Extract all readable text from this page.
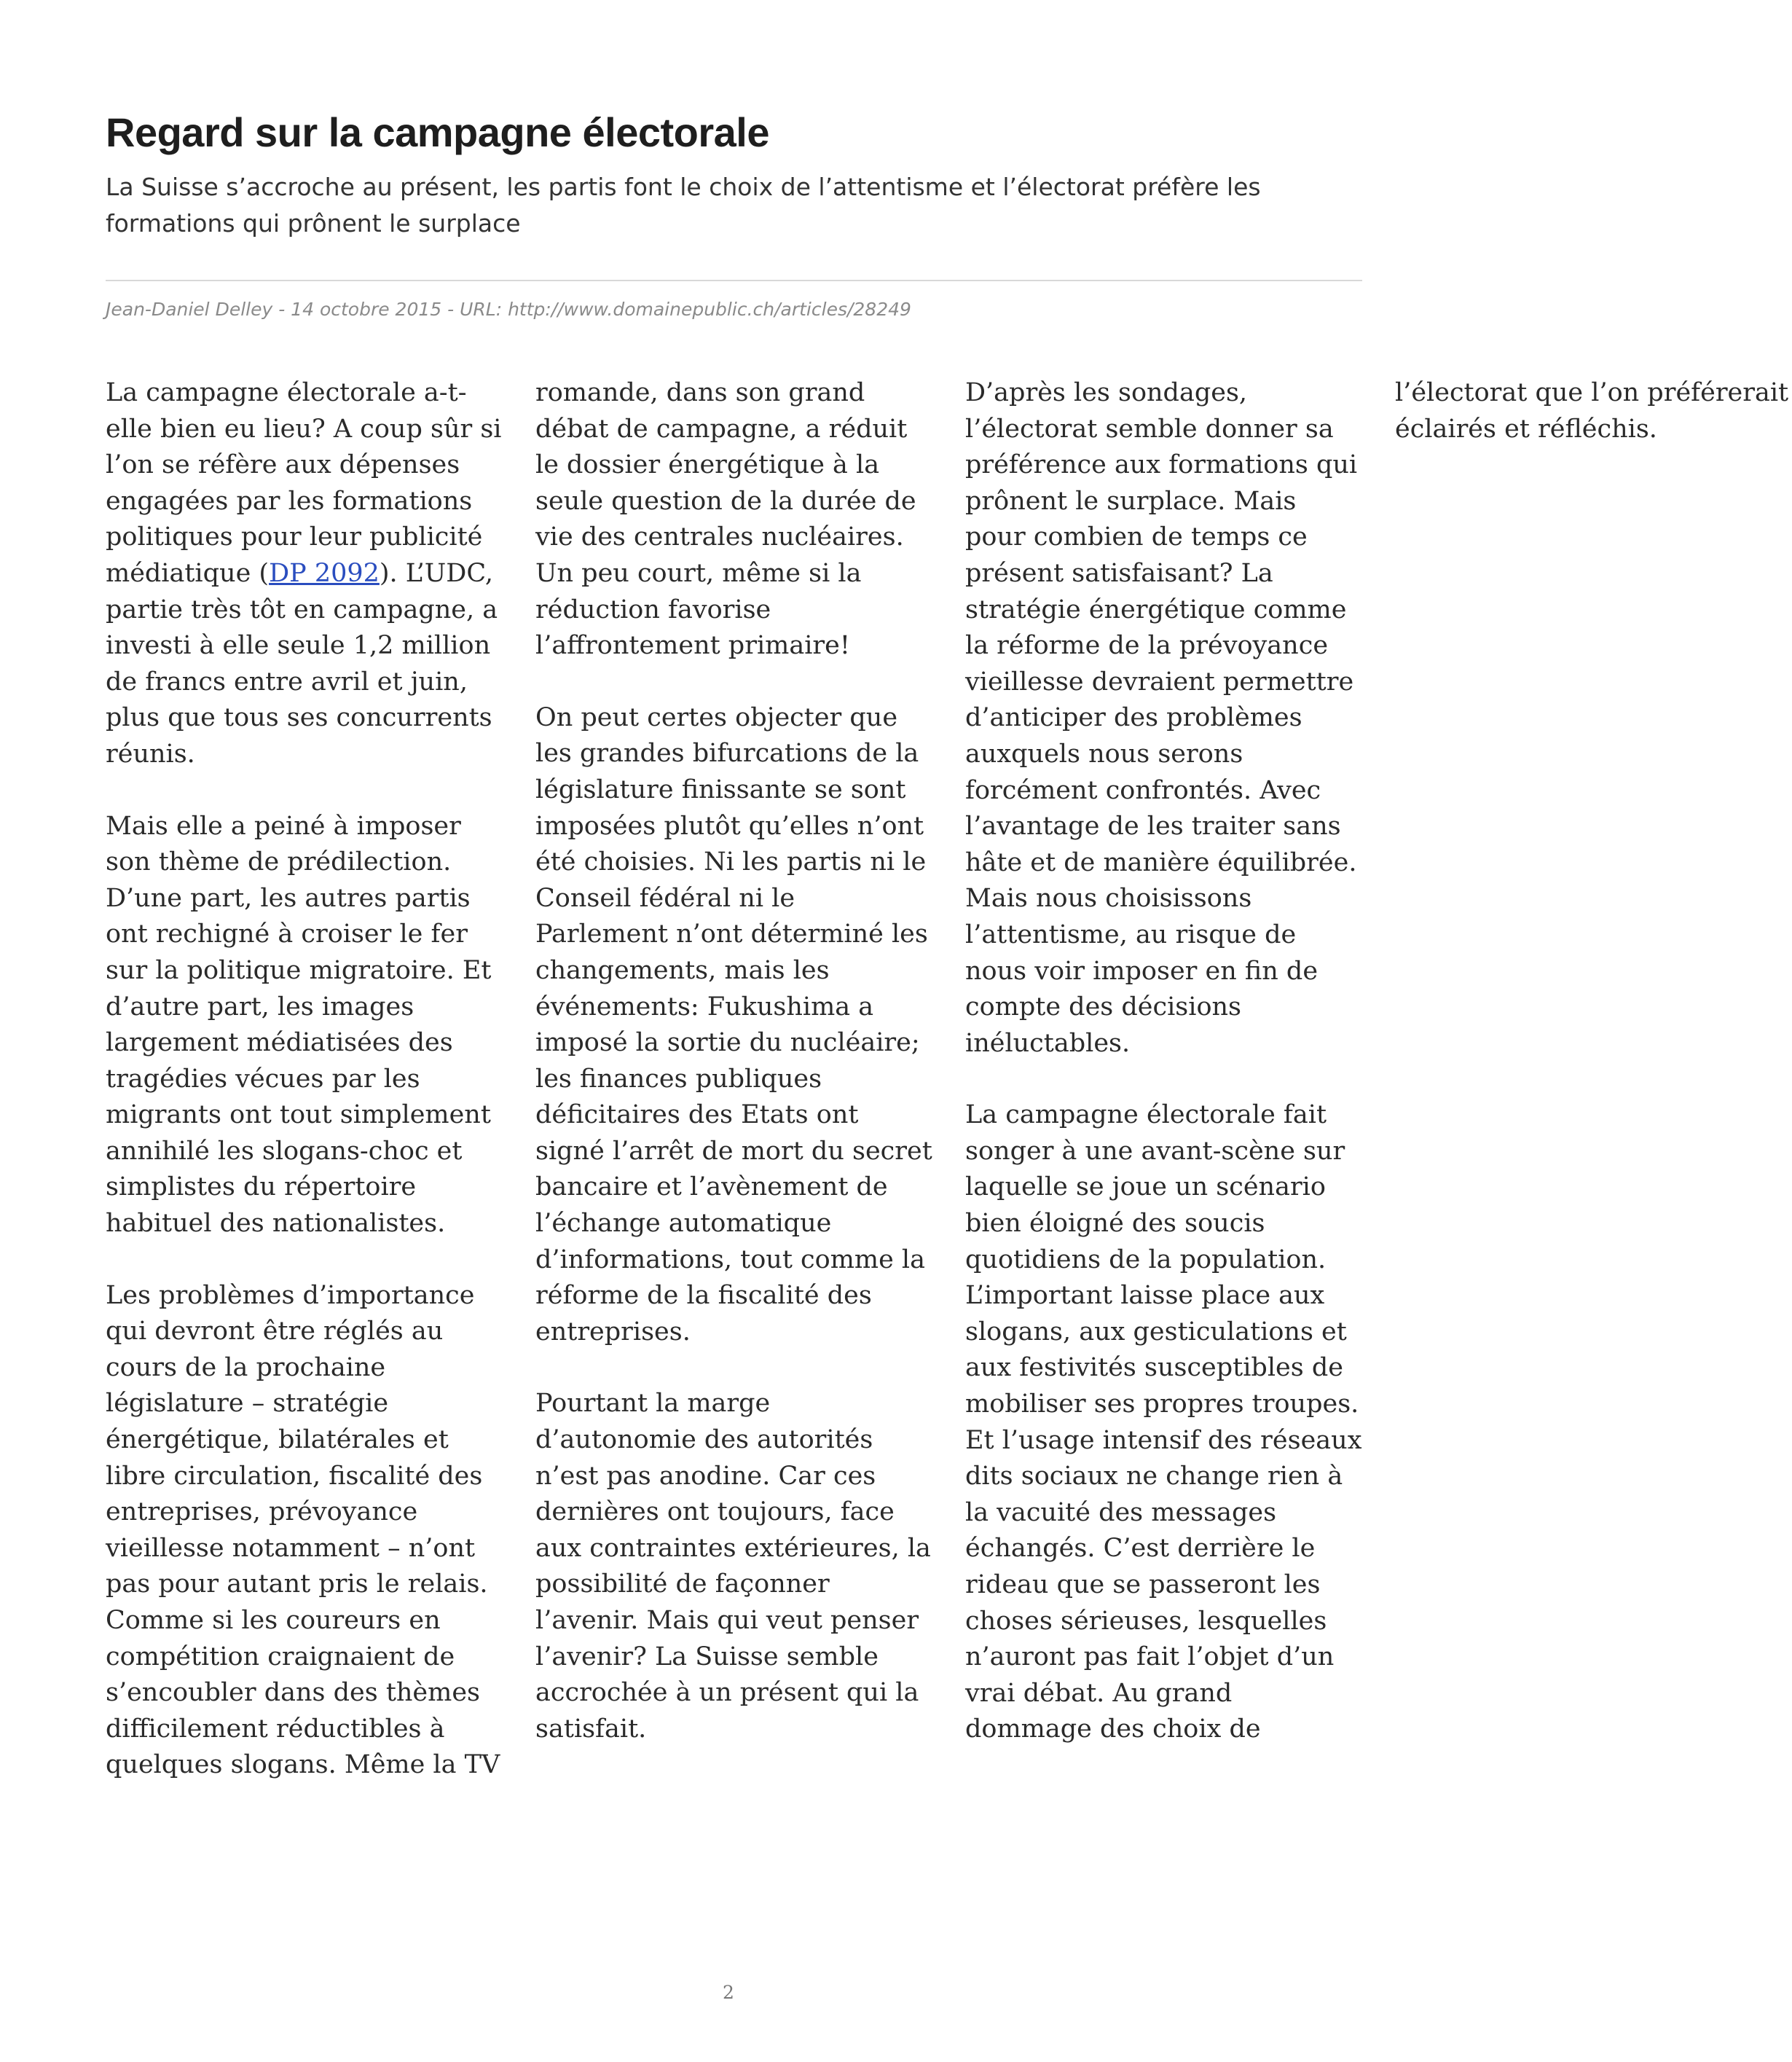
Regard sur la campagne électorale

La Suisse s’accroche au présent, les partis font le choix de l’attentisme et l’électorat préfère les formations qui prônent le surplace

Jean-Daniel Delley - 14 octobre 2015 - URL: http://www.domainepublic.ch/articles/28249

La campagne électorale a-t-elle bien eu lieu? A coup sûr si l’on se réfère aux dépenses engagées par les formations politiques pour leur publicité médiatique (DP 2092). L’UDC, partie très tôt en campagne, a investi à elle seule 1,2 million de francs entre avril et juin, plus que tous ses concurrents réunis.

Mais elle a peiné à imposer son thème de prédilection. D’une part, les autres partis ont rechigné à croiser le fer sur la politique migratoire. Et d’autre part, les images largement médiatisées des tragédies vécues par les migrants ont tout simplement annihilé les slogans-choc et simplistes du répertoire habituel des nationalistes.

Les problèmes d’importance qui devront être réglés au cours de la prochaine législature – stratégie énergétique, bilatérales et libre circulation, fiscalité des entreprises, prévoyance vieillesse notamment – n’ont pas pour autant pris le relais. Comme si les coureurs en compétition craignaient de s’encoubler dans des thèmes difficilement réductibles à quelques slogans. Même la TV romande, dans son grand débat de campagne, a réduit le dossier énergétique à la seule question de la durée de vie des centrales nucléaires. Un peu court, même si la réduction favorise l’affrontement primaire!

On peut certes objecter que les grandes bifurcations de la législature finissante se sont imposées plutôt qu’elles n’ont été choisies. Ni les partis ni le Conseil fédéral ni le Parlement n’ont déterminé les changements, mais les événements: Fukushima a imposé la sortie du nucléaire; les finances publiques déficitaires des Etats ont signé l’arrêt de mort du secret bancaire et l’avènement de l’échange automatique d’informations, tout comme la réforme de la fiscalité des entreprises.

Pourtant la marge d’autonomie des autorités n’est pas anodine. Car ces dernières ont toujours, face aux contraintes extérieures, la possibilité de façonner l’avenir. Mais qui veut penser l’avenir? La Suisse semble accrochée à un présent qui la satisfait.

D’après les sondages, l’électorat semble donner sa préférence aux formations qui prônent le surplace. Mais pour combien de temps ce présent satisfaisant? La stratégie énergétique comme la réforme de la prévoyance vieillesse devraient permettre d’anticiper des problèmes auxquels nous serons forcément confrontés. Avec l’avantage de les traiter sans hâte et de manière équilibrée. Mais nous choisissons l’attentisme, au risque de nous voir imposer en fin de compte des décisions inéluctables.

La campagne électorale fait songer à une avant-scène sur laquelle se joue un scénario bien éloigné des soucis quotidiens de la population. L’important laisse place aux slogans, aux gesticulations et aux festivités susceptibles de mobiliser ses propres troupes. Et l’usage intensif des réseaux dits sociaux ne change rien à la vacuité des messages échangés. C’est derrière le rideau que se passeront les choses sérieuses, lesquelles n’auront pas fait l’objet d’un vrai débat. Au grand dommage des choix de l’électorat que l’on préférerait éclairés et réfléchis.

2
